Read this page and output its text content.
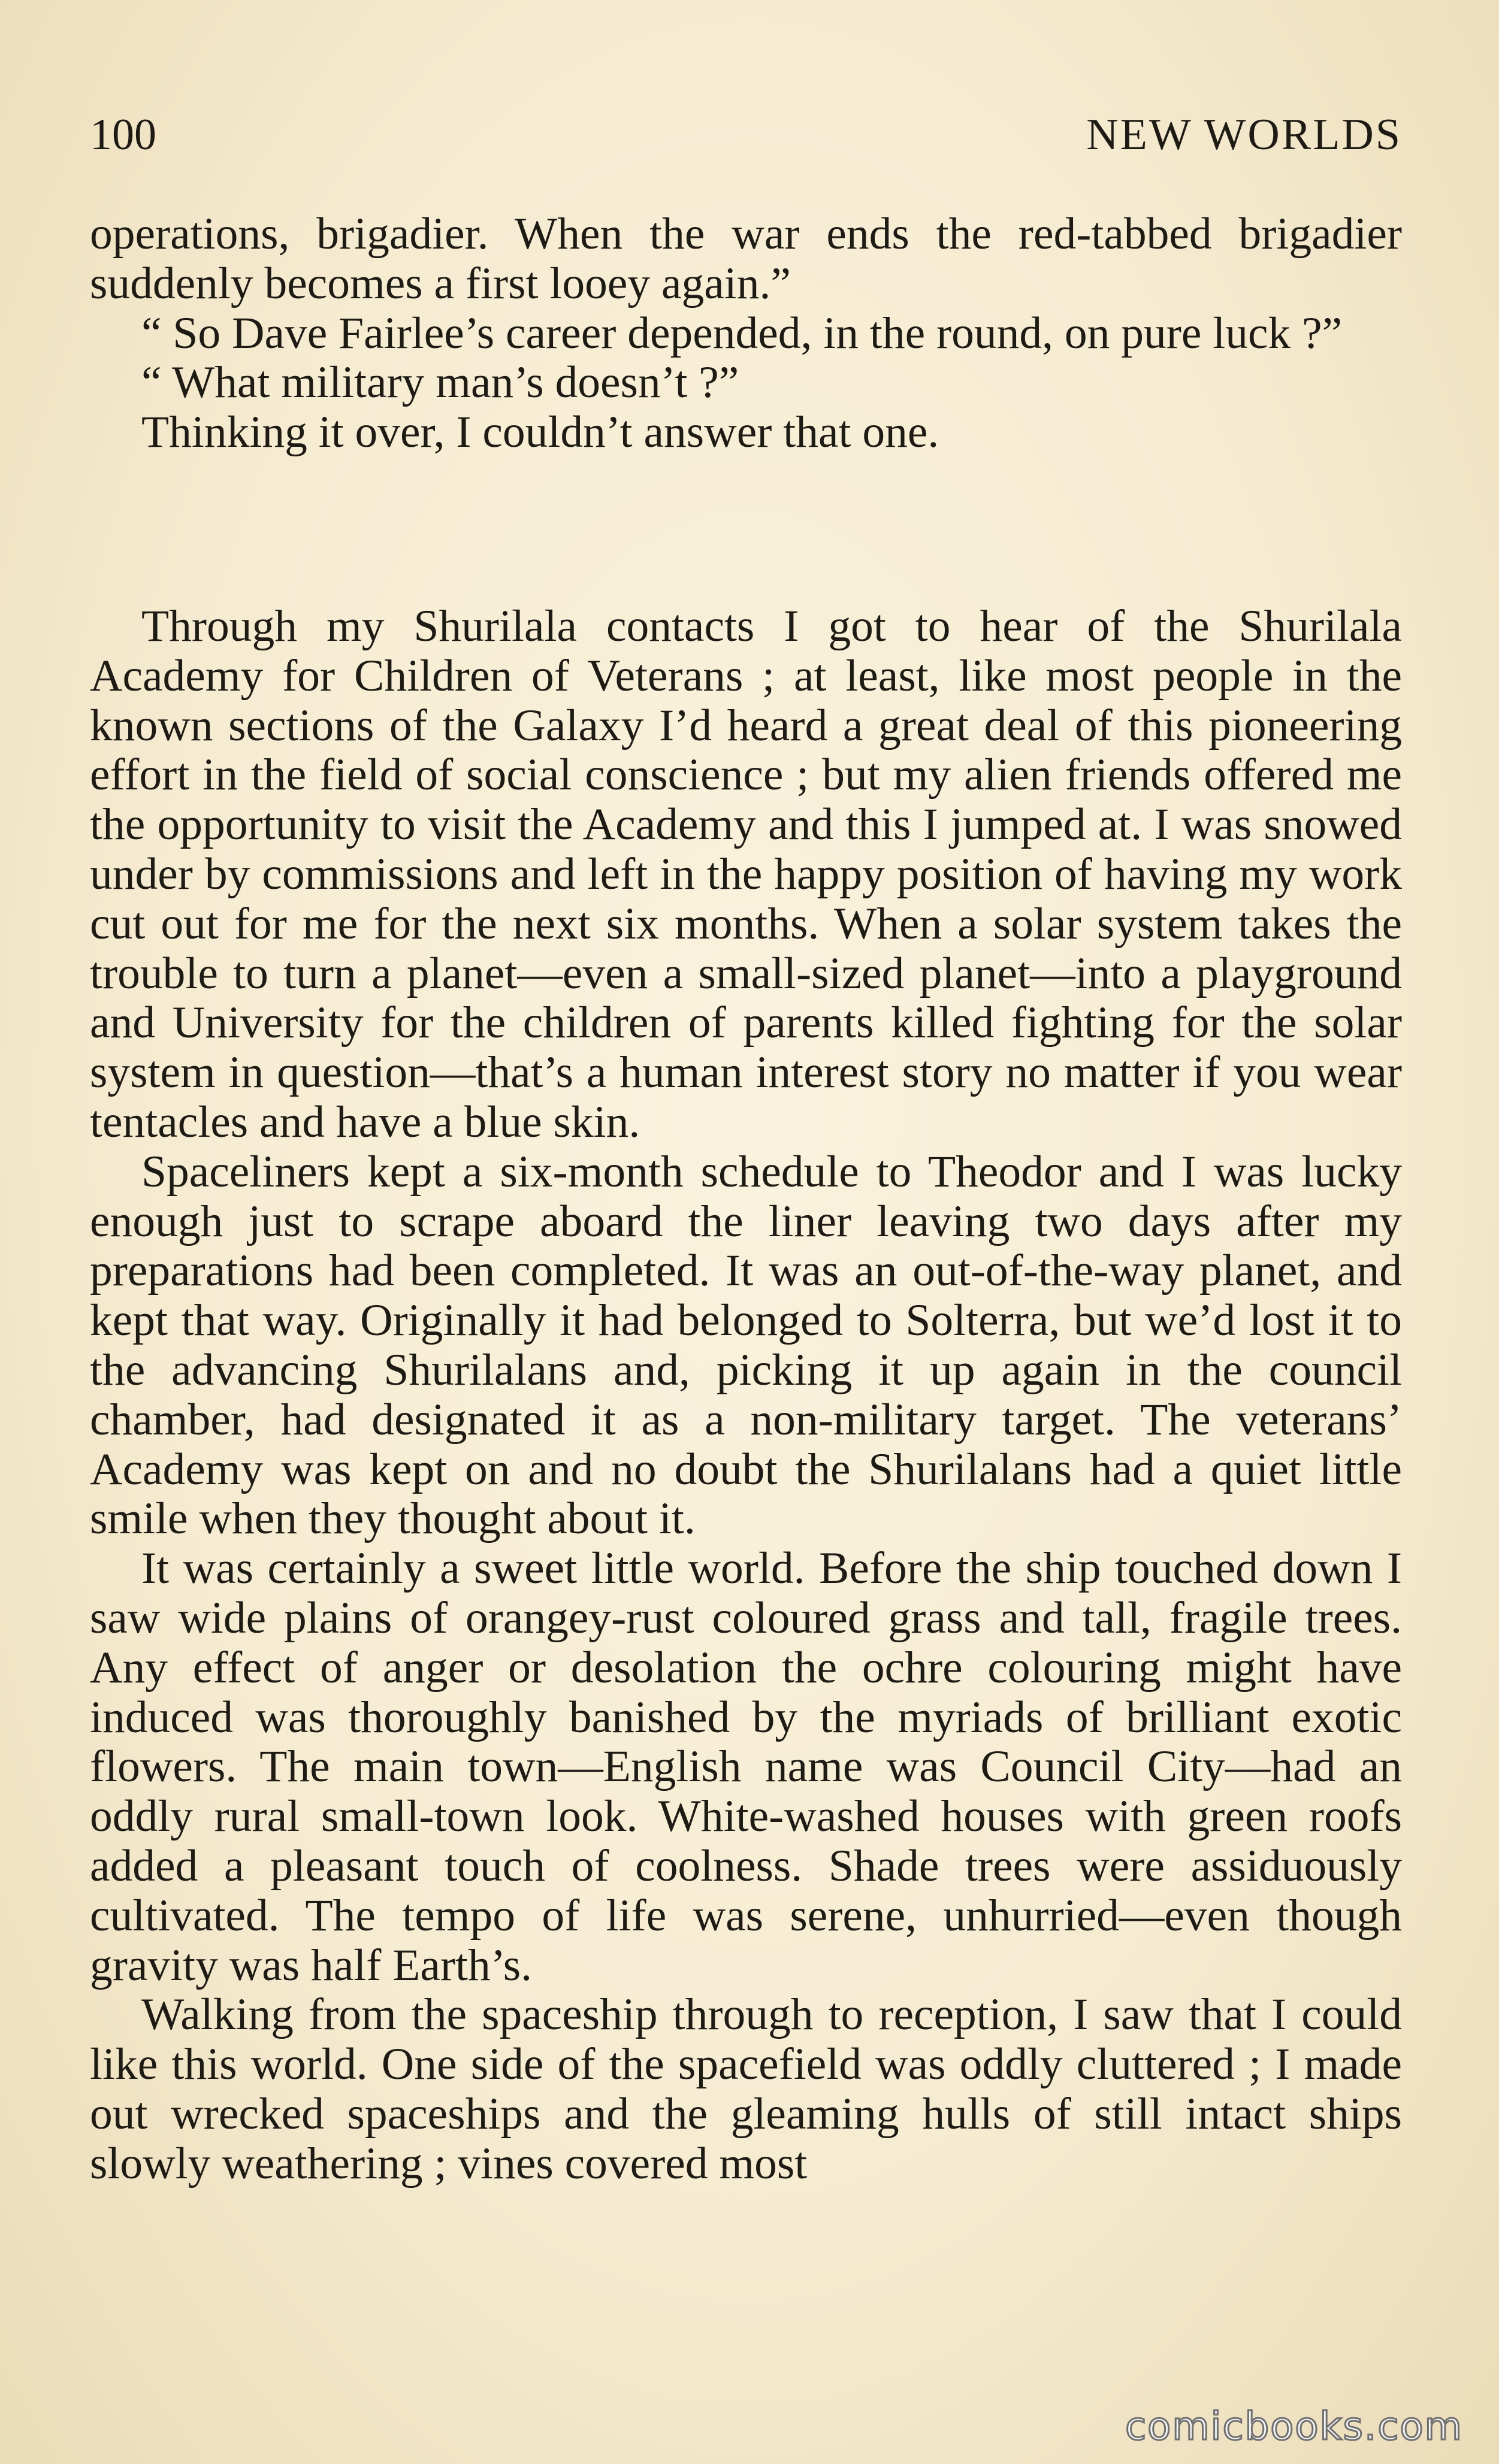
100	NEW WORLDS

operations, brigadier. When the war ends the red-tabbed brigadier suddenly becomes a first looey again.”

“ So Dave Fairlee’s career depended, in the round, on pure luck ?”

“ What military man’s doesn’t ?”

Thinking it over, I couldn’t answer that one.

Through my Shurilala contacts I got to hear of the Shurilala Academy for Children of Veterans ; at least, like most people in the known sections of the Galaxy I’d heard a great deal of this pioneering effort in the field of social conscience ; but my alien friends offered me the opportunity to visit the Academy and this I jumped at. I was snowed under by commissions and left in the happy position of having my work cut out for me for the next six months. When a solar system takes the trouble to turn a planet—even a small-sized planet—into a playground and University for the children of parents killed fighting for the solar system in question—that’s a human interest story no matter if you wear tentacles and have a blue skin.

Spaceliners kept a six-month schedule to Theodor and I was lucky enough just to scrape aboard the liner leaving two days after my preparations had been completed. It was an out-of-the-way planet, and kept that way. Originally it had belonged to Solterra, but we’d lost it to the advancing Shurilalans and, picking it up again in the council chamber, had designated it as a non-military target. The veterans’ Academy was kept on and no doubt the Shurilalans had a quiet little smile when they thought about it.

It was certainly a sweet little world. Before the ship touched down I saw wide plains of orangey-rust coloured grass and tall, fragile trees. Any effect of anger or desolation the ochre colouring might have induced was thoroughly banished by the myriads of brilliant exotic flowers. The main town—English name was Council City—had an oddly rural small-town look. White-washed houses with green roofs added a pleasant touch of coolness. Shade trees were assiduously cultivated. The tempo of life was serene, unhurried—even though gravity was half Earth’s.

Walking from the spaceship through to reception, I saw that I could like this world. One side of the spacefield was oddly cluttered ; I made out wrecked spaceships and the gleaming hulls of still intact ships slowly weathering ; vines covered most

comicbooks.com
